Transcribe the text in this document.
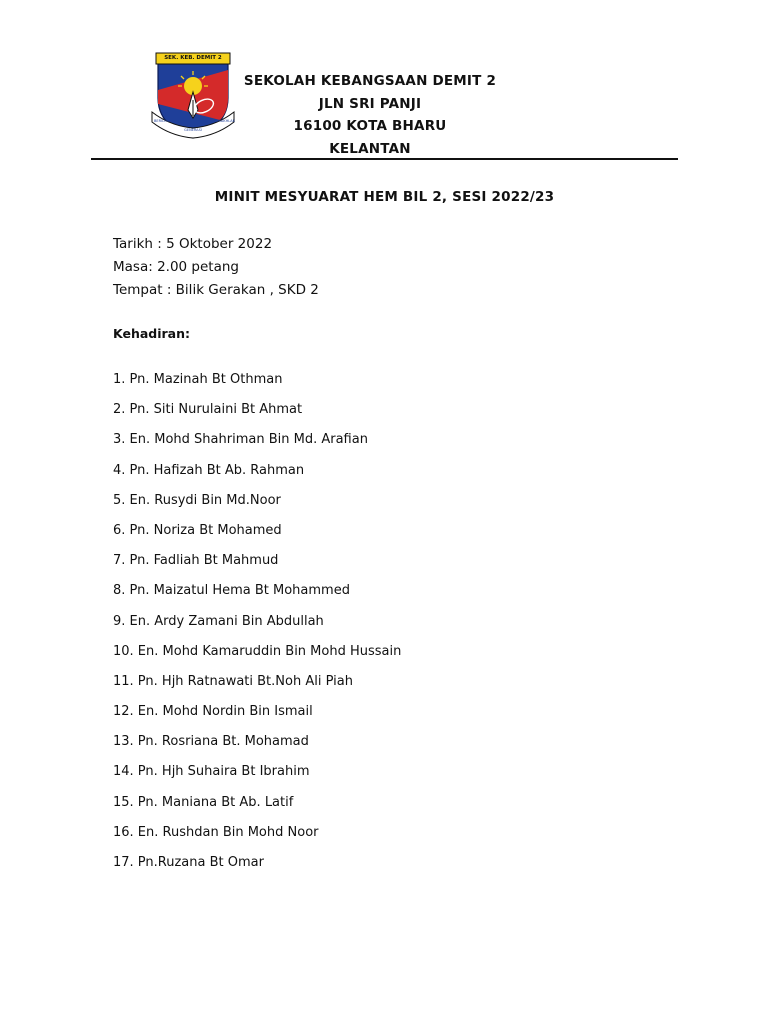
SEK. KEB. DEMIT 2
BERILMU
GENERASI
BERAKHLAK
SEKOLAH KEBANGSAAN DEMIT 2
JLN SRI PANJI
16100 KOTA BHARU
KELANTAN
MINIT MESYUARAT HEM BIL 2, SESI 2022/23
Tarikh : 5 Oktober 2022
Masa: 2.00 petang
Tempat : Bilik Gerakan , SKD 2
Kehadiran:
1. Pn. Mazinah Bt Othman
2. Pn. Siti Nurulaini Bt Ahmat
3. En. Mohd Shahriman Bin Md. Arafian
4. Pn. Hafizah Bt Ab. Rahman
5. En. Rusydi Bin Md.Noor
6. Pn. Noriza Bt Mohamed
7. Pn. Fadliah Bt Mahmud
8. Pn. Maizatul Hema Bt Mohammed
9. En. Ardy Zamani Bin Abdullah
10. En. Mohd Kamaruddin Bin Mohd Hussain
11. Pn. Hjh Ratnawati Bt.Noh Ali Piah
12. En. Mohd Nordin Bin Ismail
13. Pn. Rosriana Bt. Mohamad
14. Pn. Hjh Suhaira Bt Ibrahim
15. Pn. Maniana Bt Ab. Latif
16. En. Rushdan Bin Mohd Noor
17. Pn.Ruzana Bt Omar
